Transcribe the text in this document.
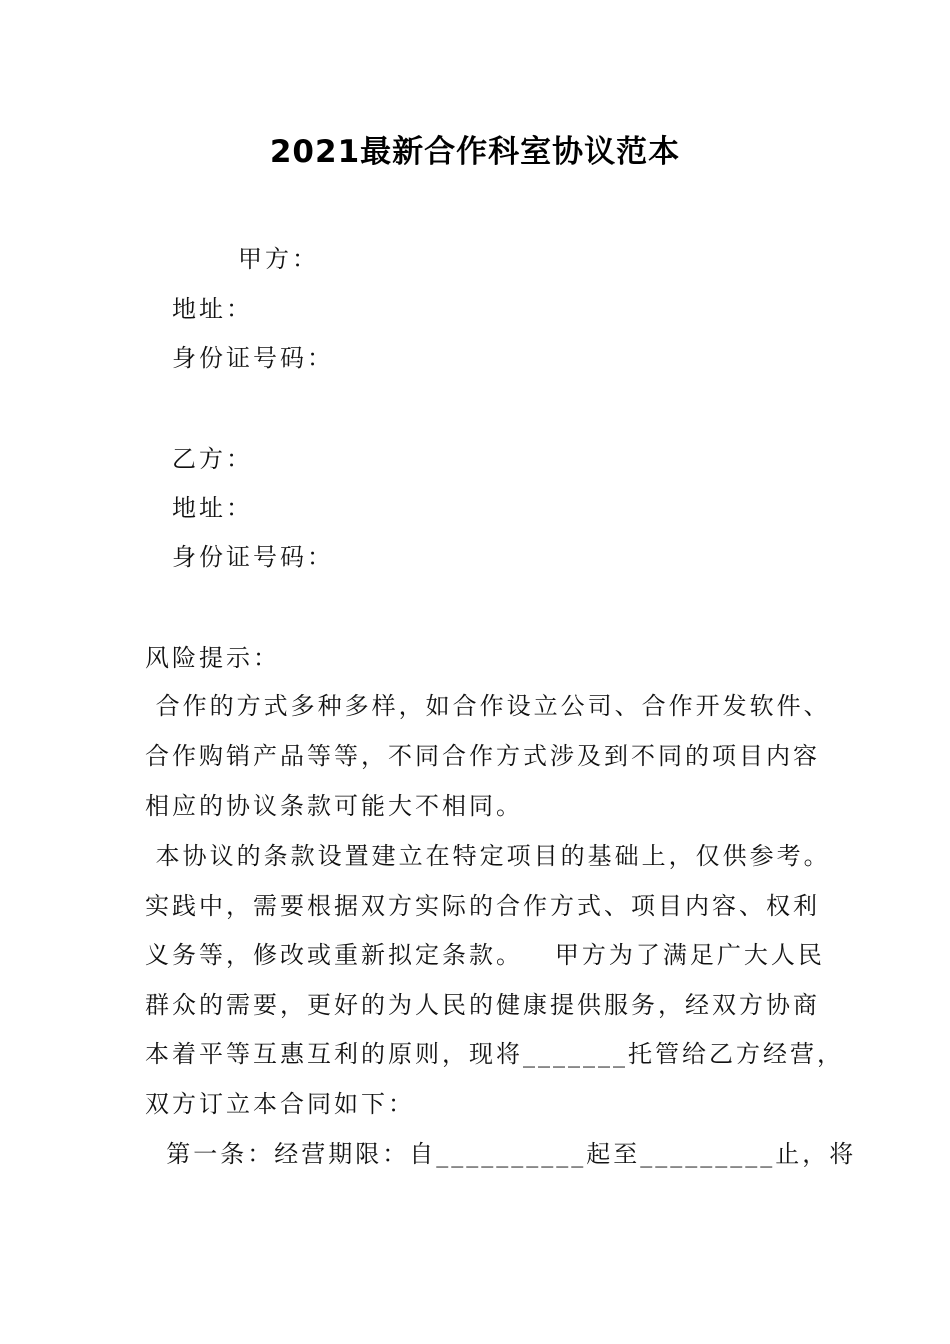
2021最新合作科室协议范本
甲方：
地址：
身份证号码：
乙方：
地址：
身份证号码：
风险提示：
合作的方式多种多样，如合作设立公司、合作开发软件、
合作购销产品等等，不同合作方式涉及到不同的项目内容
相应的协议条款可能大不相同。
本协议的条款设置建立在特定项目的基础上，仅供参考。
实践中，需要根据双方实际的合作方式、项目内容、权利
义务等，修改或重新拟定条款。   甲方为了满足广大人民
群众的需要，更好的为人民的健康提供服务，经双方协商
本着平等互惠互利的原则，现将_______托管给乙方经营，
双方订立本合同如下：
第一条：经营期限：自__________起至_________止，将
